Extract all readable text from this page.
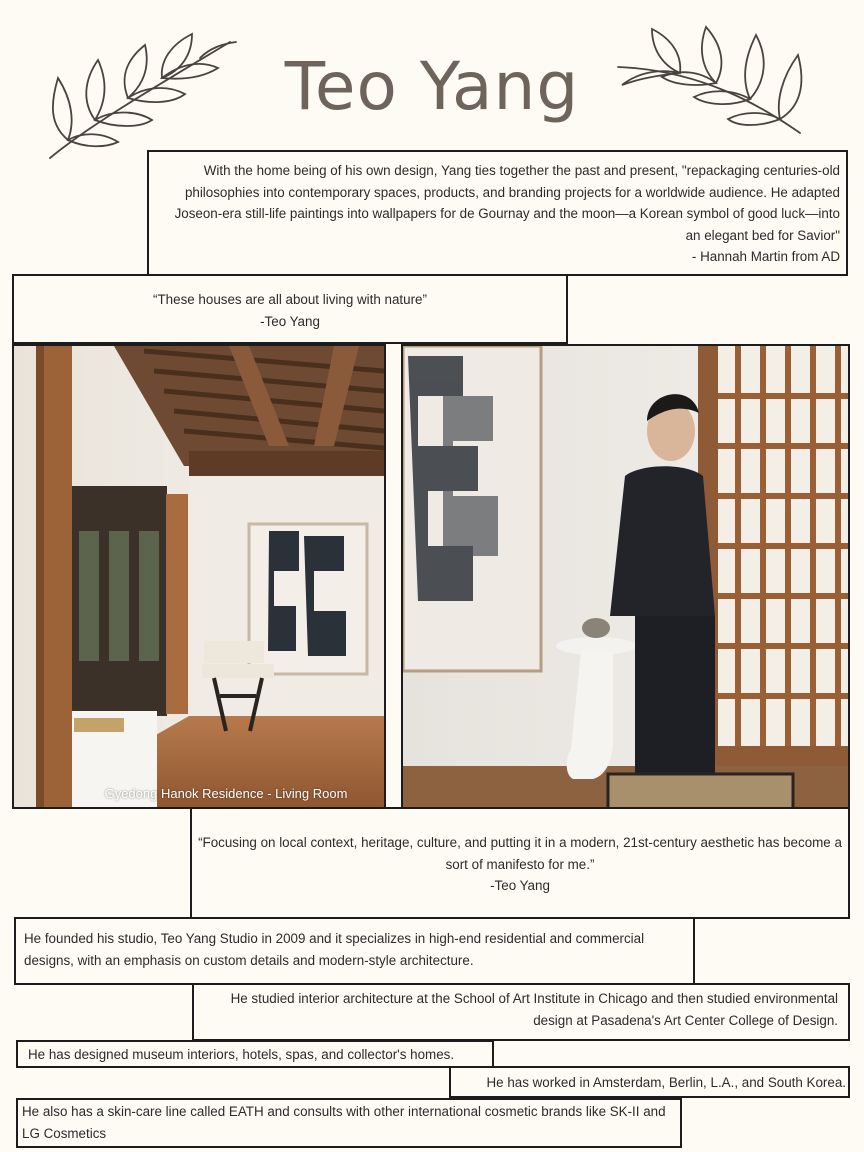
Teo Yang
With the home being of his own design, Yang ties together the past and present, "repackaging centuries-old
philosophies into contemporary spaces, products, and branding projects for a worldwide audience. He adapted
Joseon-era still-life paintings into wallpapers for de Gournay and the moon—a Korean symbol of good luck—into
an elegant bed for Savior"
- Hannah Martin from AD
“These houses are all about living with nature”
-Teo Yang
Gyedong Hanok Residence - Living Room
“Focusing on local context, heritage, culture, and putting it in a modern, 21st-century aesthetic has become a
sort of manifesto for me.”
-Teo Yang
He founded his studio, Teo Yang Studio in 2009 and it specializes in high-end residential and commercial
designs, with an emphasis on custom details and modern-style architecture.
He studied interior architecture at the School of Art Institute in Chicago and then studied environmental
design at Pasadena's Art Center College of Design.
He has designed museum interiors, hotels, spas, and collector's homes.
He has worked in Amsterdam, Berlin, L.A., and South Korea.
He also has a skin-care line called EATH and consults with other international cosmetic brands like SK-II and
LG Cosmetics
